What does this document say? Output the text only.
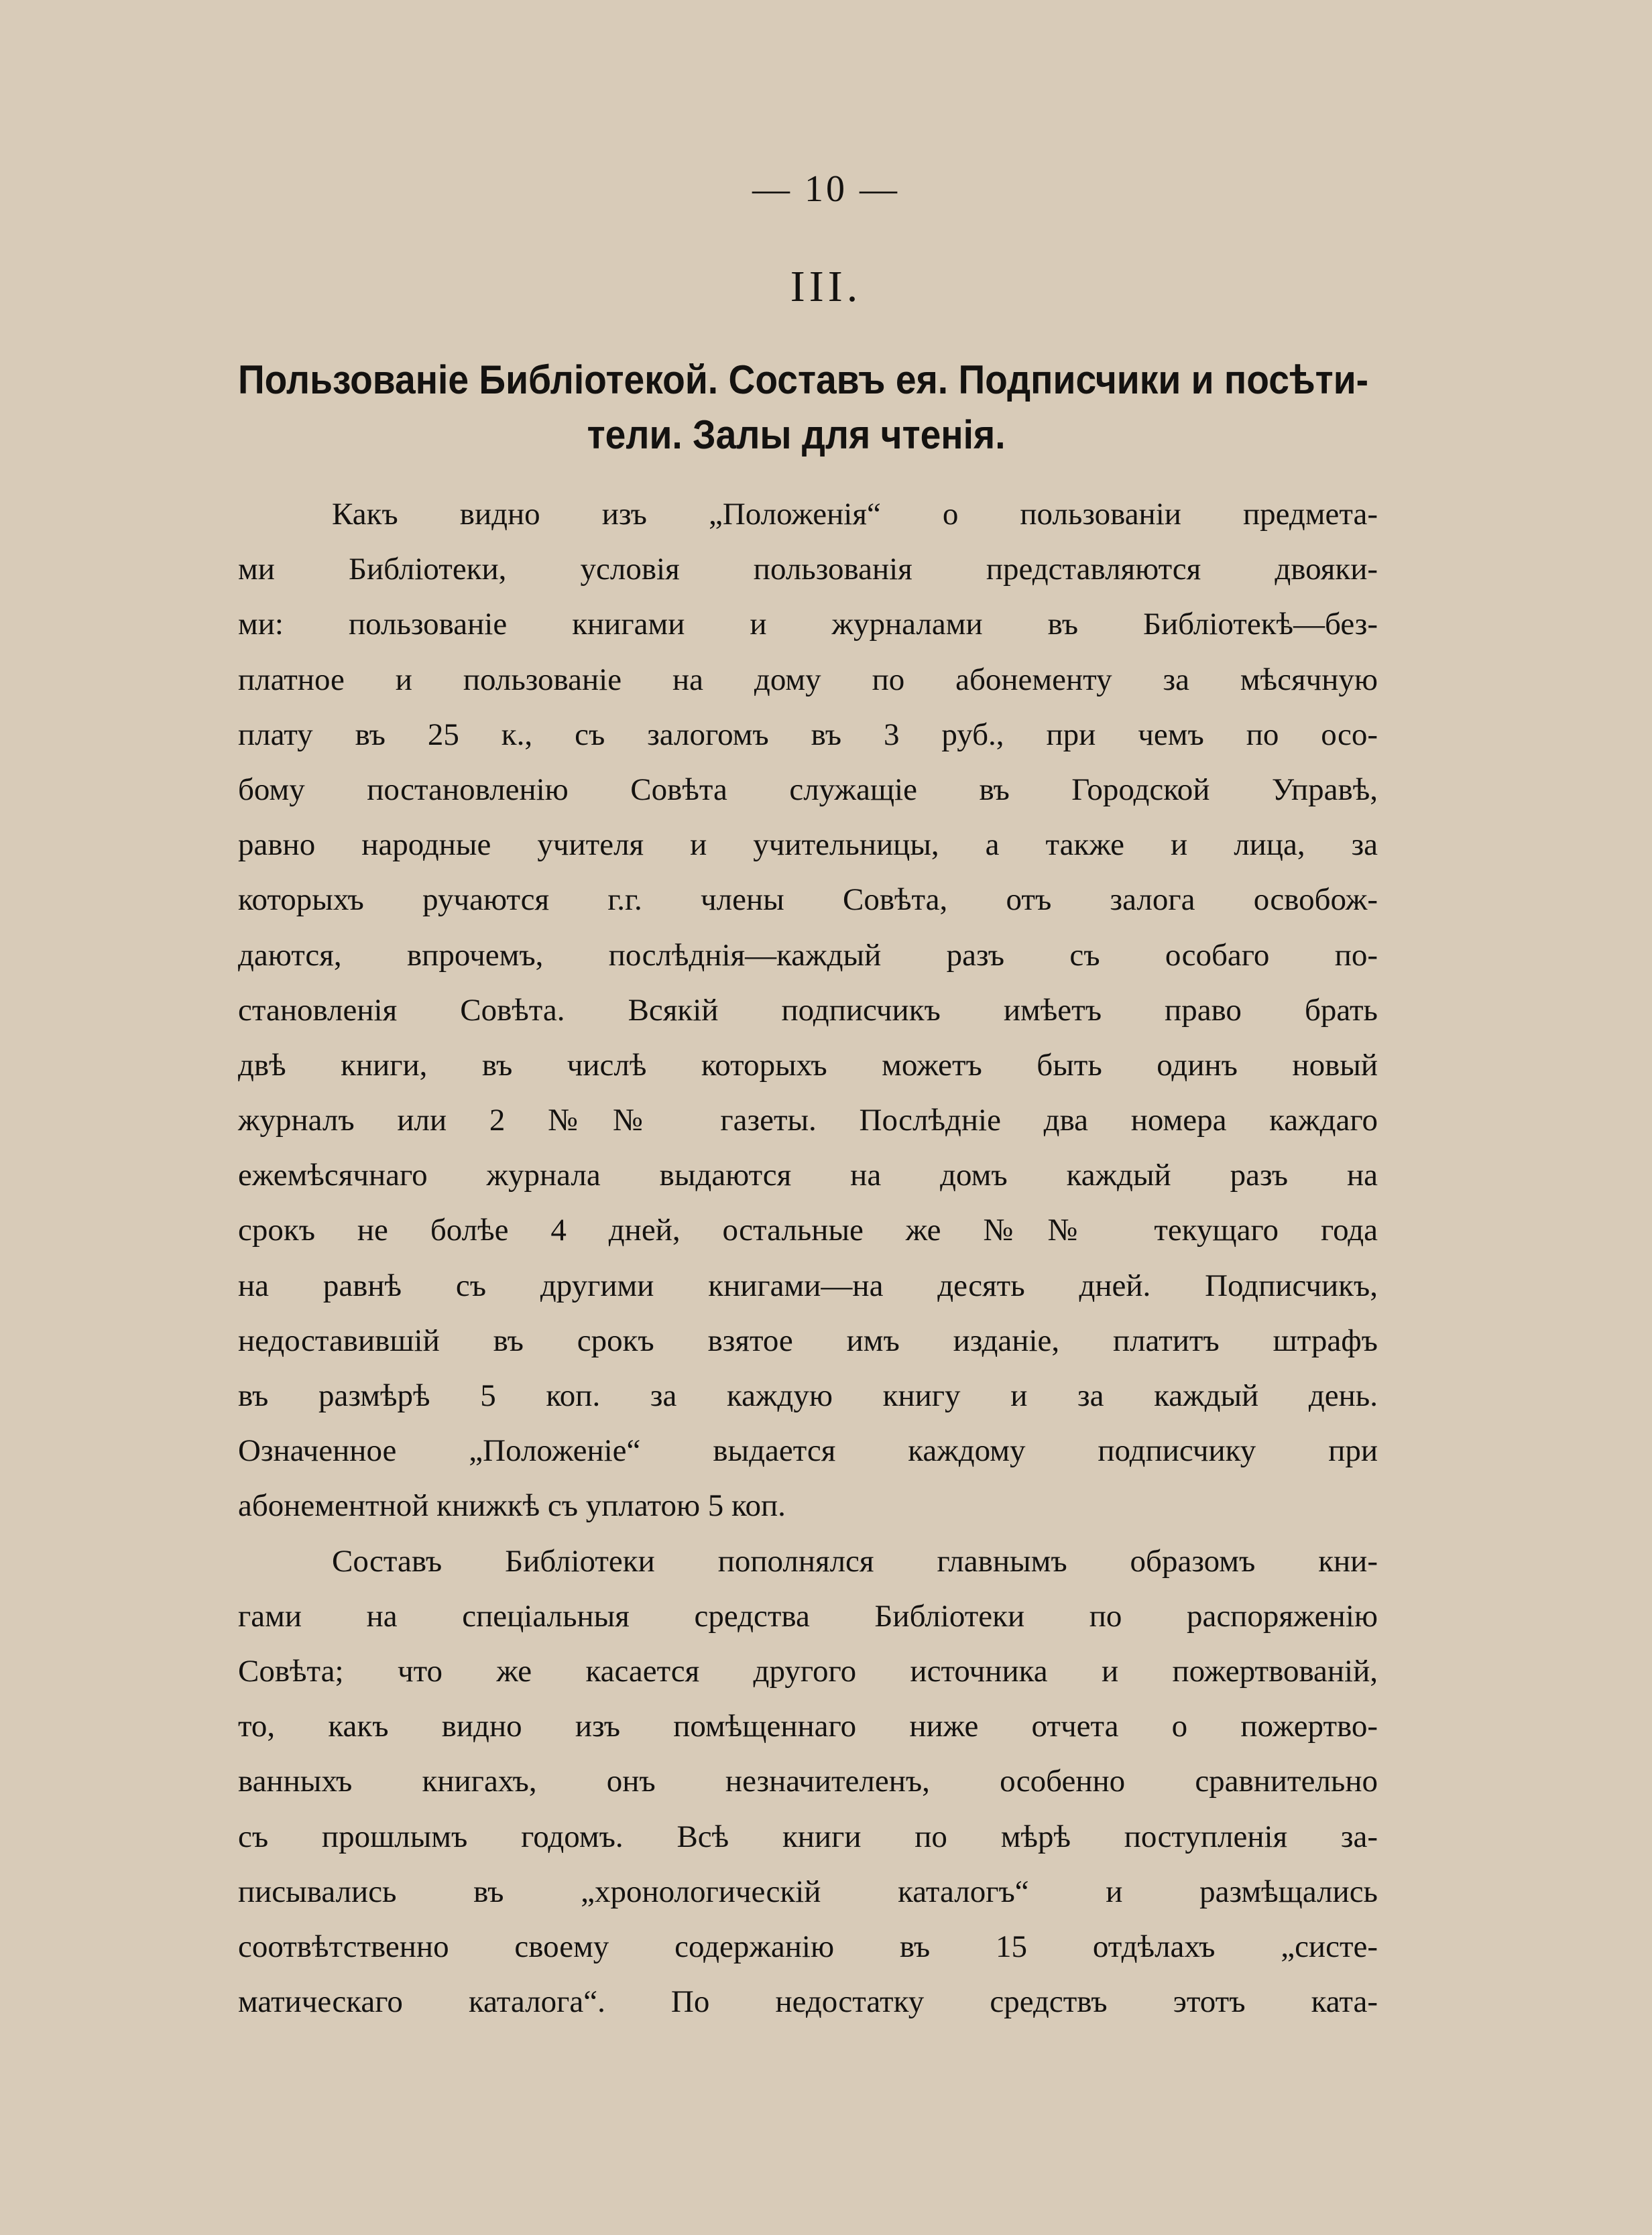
— 10 —
III.
Пользованіе Библіотекой. Составъ ея. Подписчики и посѣти-
тели. Залы для чтенія.
Какъ видно изъ „Положенія“ о пользованіи предмета-
ми Библіотеки, условія пользованія представляются двояки-
ми: пользованіе книгами и журналами въ Библіотекѣ—без-
платное и пользованіе на дому по абонементу за мѣсячную
плату въ 25 к., съ залогомъ въ 3 руб., при чемъ по осо-
бому постановленію Совѣта служащіе въ Городской Управѣ,
равно народные учителя и учительницы, а также и лица, за
которыхъ ручаются г.г. члены Совѣта, отъ залога освобож-
даются, впрочемъ, послѣднія—каждый разъ съ особаго по-
становленія Совѣта. Всякій подписчикъ имѣетъ право брать
двѣ книги, въ числѣ которыхъ можетъ быть одинъ новый
журналъ или 2 №№ газеты. Послѣдніе два номера каждаго
ежемѣсячнаго журнала выдаются на домъ каждый разъ на
срокъ не болѣе 4 дней, остальные же №№ текущаго года
на равнѣ съ другими книгами—на десять дней. Подписчикъ,
недоставившій въ срокъ взятое имъ изданіе, платитъ штрафъ
въ размѣрѣ 5 коп. за каждую книгу и за каждый день.
Означенное „Положеніе“ выдается каждому подписчику при
абонементной книжкѣ съ уплатою 5 коп.
Составъ Библіотеки пополнялся главнымъ образомъ кни-
гами на спеціальныя средства Библіотеки по распоряженію
Совѣта; что же касается другого источника и пожертвованій,
то, какъ видно изъ помѣщеннаго ниже отчета о пожертво-
ванныхъ книгахъ, онъ незначителенъ, особенно сравнительно
съ прошлымъ годомъ. Всѣ книги по мѣрѣ поступленія за-
писывались въ „хронологическій каталогъ“ и размѣщались
соотвѣтственно своему содержанію въ 15 отдѣлахъ „систе-
матическаго каталога“. По недостатку средствъ этотъ ката-
